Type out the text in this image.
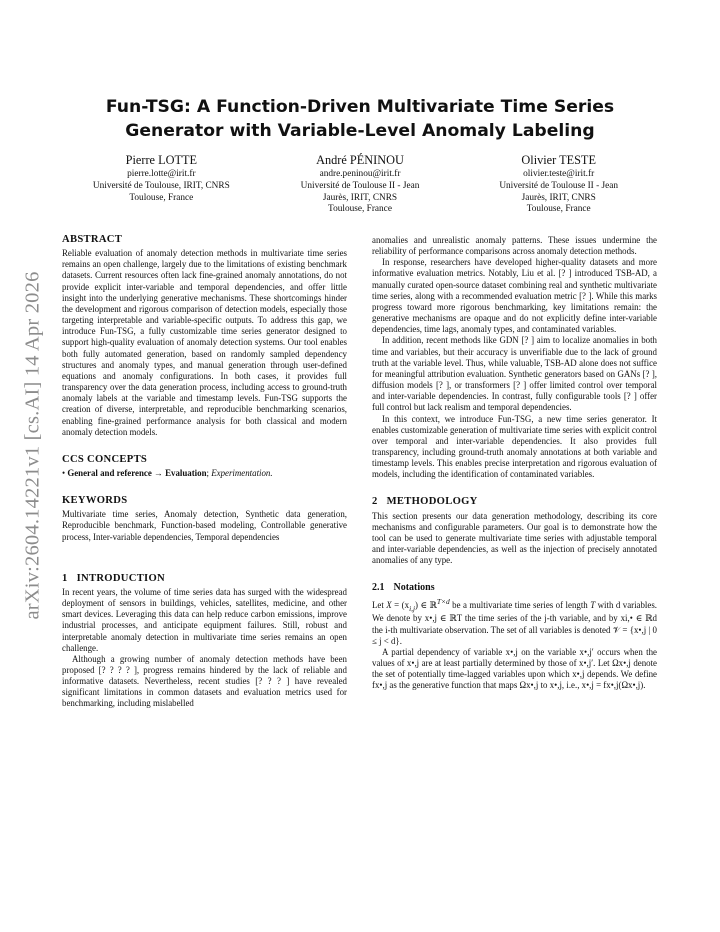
arXiv:2604.14221v1 [cs.AI] 14 Apr 2026
Fun-TSG: A Function-Driven Multivariate Time Series Generator with Variable-Level Anomaly Labeling
Pierre LOTTE
pierre.lotte@irit.fr
Université de Toulouse, IRIT, CNRS
Toulouse, France
André PÉNINOU
andre.peninou@irit.fr
Université de Toulouse II - Jean Jaurès, IRIT, CNRS
Toulouse, France
Olivier TESTE
olivier.teste@irit.fr
Université de Toulouse II - Jean Jaurès, IRIT, CNRS
Toulouse, France
ABSTRACT

Reliable evaluation of anomaly detection methods in multivariate time series remains an open challenge, largely due to the limitations of existing benchmark datasets. Current resources often lack fine-grained anomaly annotations, do not provide explicit inter-variable and temporal dependencies, and offer little insight into the underlying generative mechanisms. These shortcomings hinder the development and rigorous comparison of detection models, especially those targeting interpretable and variable-specific outputs. To address this gap, we introduce Fun-TSG, a fully customizable time series generator designed to support high-quality evaluation of anomaly detection systems. Our tool enables both fully automated generation, based on randomly sampled dependency structures and anomaly types, and manual generation through user-defined equations and anomaly configurations. In both cases, it provides full transparency over the data generation process, including access to ground-truth anomaly labels at the variable and timestamp levels. Fun-TSG supports the creation of diverse, interpretable, and reproducible benchmarking scenarios, enabling fine-grained performance analysis for both classical and modern anomaly detection models.

CCS CONCEPTS

• General and reference → Evaluation; Experimentation.

KEYWORDS

Multivariate time series, Anomaly detection, Synthetic data generation, Reproducible benchmark, Function-based modeling, Controllable generative process, Inter-variable dependencies, Temporal dependencies

1 INTRODUCTION

In recent years, the volume of time series data has surged with the widespread deployment of sensors in buildings, vehicles, satellites, medicine, and other smart devices. Leveraging this data can help reduce carbon emissions, improve industrial processes, and anticipate equipment failures. Still, robust and interpretable anomaly detection in multivariate time series remains an open challenge.

Although a growing number of anomaly detection methods have been proposed [? ? ? ? ], progress remains hindered by the lack of reliable and informative datasets. Nevertheless, recent studies [? ? ? ] have revealed significant limitations in common datasets and evaluation metrics used for benchmarking, including mislabelled

anomalies and unrealistic anomaly patterns. These issues undermine the reliability of performance comparisons across anomaly detection methods.

In response, researchers have developed higher-quality datasets and more informative evaluation metrics. Notably, Liu et al. [? ] introduced TSB-AD, a manually curated open-source dataset combining real and synthetic multivariate time series, along with a recommended evaluation metric [? ]. While this marks progress toward more rigorous benchmarking, key limitations remain: the generative mechanisms are opaque and do not explicitly define inter-variable dependencies, time lags, anomaly types, and contaminated variables.

In addition, recent methods like GDN [? ] aim to localize anomalies in both time and variables, but their accuracy is unverifiable due to the lack of ground truth at the variable level. Thus, while valuable, TSB-AD alone does not suffice for meaningful attribution evaluation. Synthetic generators based on GANs [? ], diffusion models [? ], or transformers [? ] offer limited control over temporal and inter-variable dependencies. In contrast, fully configurable tools [? ] offer full control but lack realism and temporal dependencies.

In this context, we introduce Fun-TSG, a new time series generator. It enables customizable generation of multivariate time series with explicit control over temporal and inter-variable dependencies. It also provides full transparency, including ground-truth anomaly annotations at both variable and timestamp levels. This enables precise interpretation and rigorous evaluation of models, including the identification of contaminated variables.

2 METHODOLOGY

This section presents our data generation methodology, describing its core mechanisms and configurable parameters. Our goal is to demonstrate how the tool can be used to generate multivariate time series with adjustable temporal and inter-variable dependencies, as well as the injection of precisely annotated anomalies of any type.

2.1 Notations

Let $X = (x_{i,j})$ ∈ ℝ$^{T\times d}$ be a multivariate time series of length T with d variables. We denote by x•,j ∈ ℝT the time series of the j-th variable, and by xi,• ∈ ℝd the i-th multivariate observation. The set of all variables is denoted 𝒱 = {x•,j | 0 ≤ j < d}.

A partial dependency of variable x•,j on the variable x•,j′ occurs when the values of x•,j are at least partially determined by those of x•,j′. Let Ωx•,j denote the set of potentially time-lagged variables upon which x•,j depends. We define fx•,j as the generative function that maps Ωx•,j to x•,j, i.e., x•,j = fx•,j(Ωx•,j).
